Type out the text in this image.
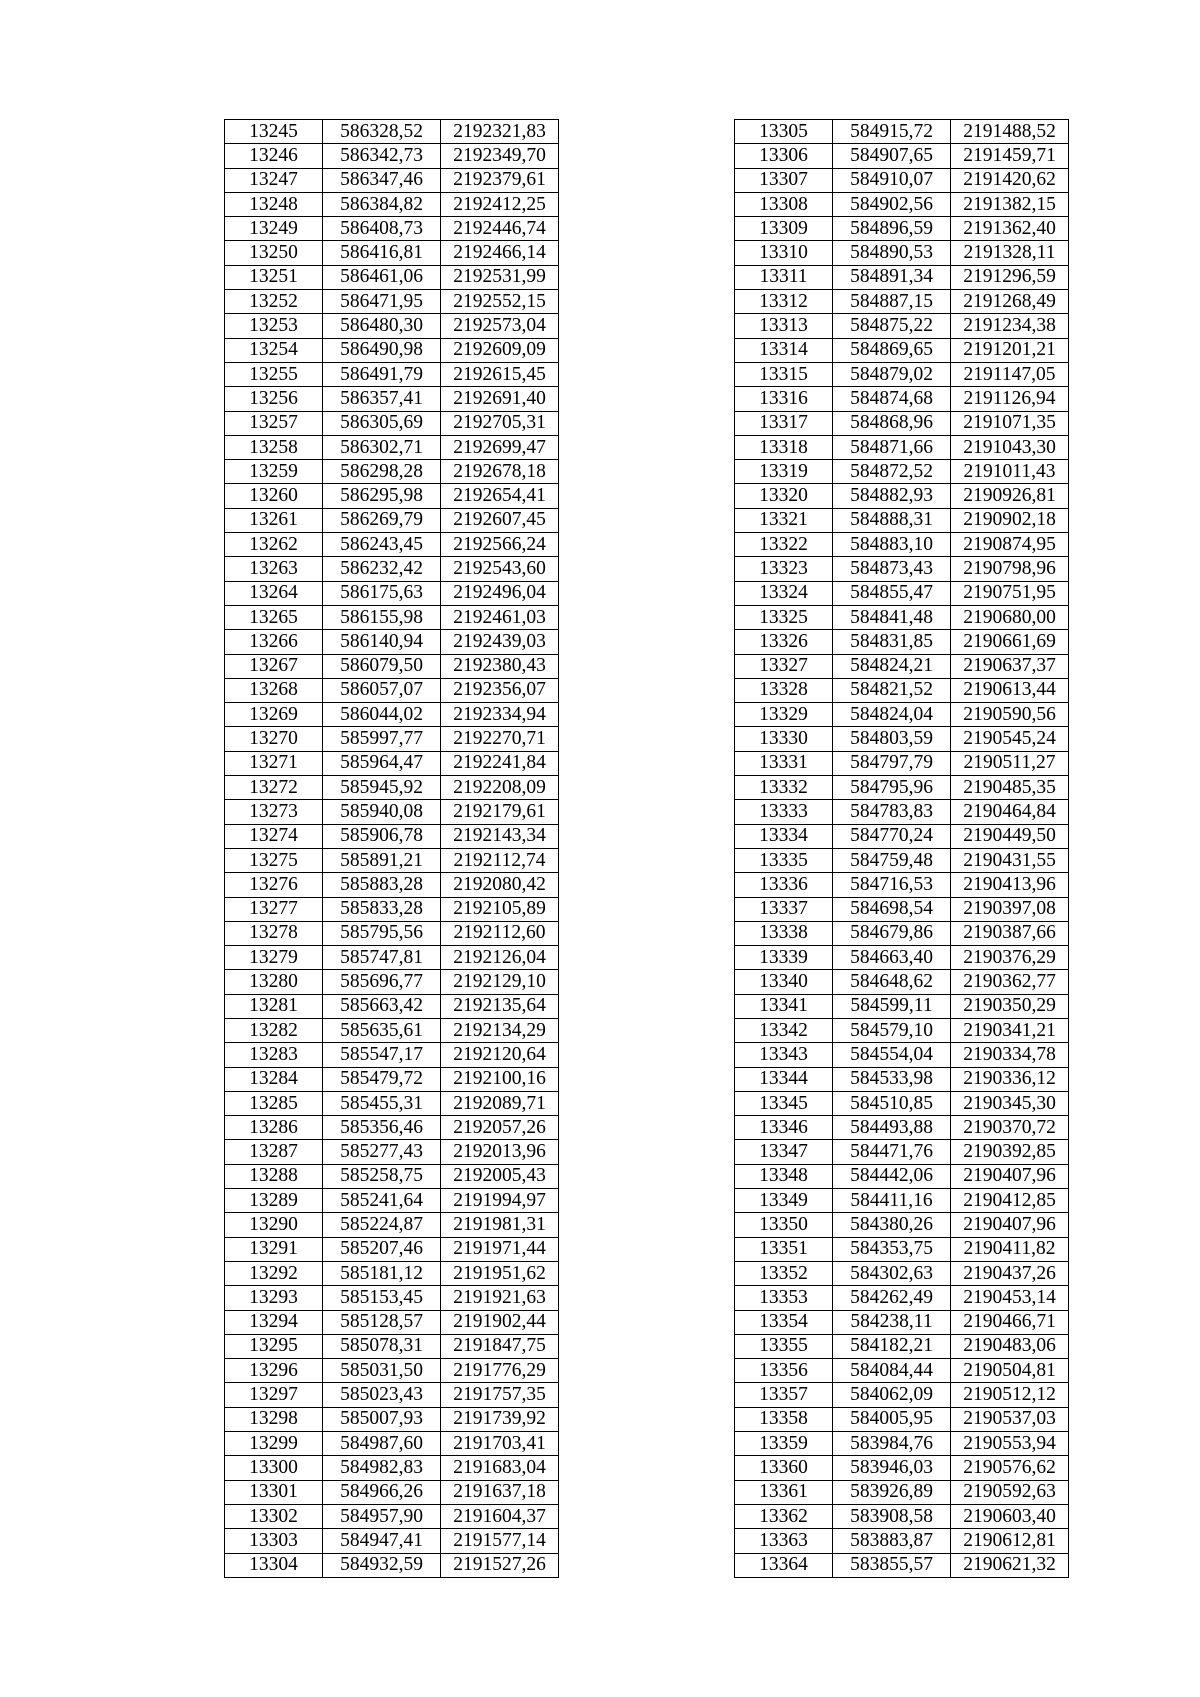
13245	586328,52	2192321,83
13246	586342,73	2192349,70
13247	586347,46	2192379,61
13248	586384,82	2192412,25
13249	586408,73	2192446,74
13250	586416,81	2192466,14
13251	586461,06	2192531,99
13252	586471,95	2192552,15
13253	586480,30	2192573,04
13254	586490,98	2192609,09
13255	586491,79	2192615,45
13256	586357,41	2192691,40
13257	586305,69	2192705,31
13258	586302,71	2192699,47
13259	586298,28	2192678,18
13260	586295,98	2192654,41
13261	586269,79	2192607,45
13262	586243,45	2192566,24
13263	586232,42	2192543,60
13264	586175,63	2192496,04
13265	586155,98	2192461,03
13266	586140,94	2192439,03
13267	586079,50	2192380,43
13268	586057,07	2192356,07
13269	586044,02	2192334,94
13270	585997,77	2192270,71
13271	585964,47	2192241,84
13272	585945,92	2192208,09
13273	585940,08	2192179,61
13274	585906,78	2192143,34
13275	585891,21	2192112,74
13276	585883,28	2192080,42
13277	585833,28	2192105,89
13278	585795,56	2192112,60
13279	585747,81	2192126,04
13280	585696,77	2192129,10
13281	585663,42	2192135,64
13282	585635,61	2192134,29
13283	585547,17	2192120,64
13284	585479,72	2192100,16
13285	585455,31	2192089,71
13286	585356,46	2192057,26
13287	585277,43	2192013,96
13288	585258,75	2192005,43
13289	585241,64	2191994,97
13290	585224,87	2191981,31
13291	585207,46	2191971,44
13292	585181,12	2191951,62
13293	585153,45	2191921,63
13294	585128,57	2191902,44
13295	585078,31	2191847,75
13296	585031,50	2191776,29
13297	585023,43	2191757,35
13298	585007,93	2191739,92
13299	584987,60	2191703,41
13300	584982,83	2191683,04
13301	584966,26	2191637,18
13302	584957,90	2191604,37
13303	584947,41	2191577,14
13304	584932,59	2191527,26
13305	584915,72	2191488,52
13306	584907,65	2191459,71
13307	584910,07	2191420,62
13308	584902,56	2191382,15
13309	584896,59	2191362,40
13310	584890,53	2191328,11
13311	584891,34	2191296,59
13312	584887,15	2191268,49
13313	584875,22	2191234,38
13314	584869,65	2191201,21
13315	584879,02	2191147,05
13316	584874,68	2191126,94
13317	584868,96	2191071,35
13318	584871,66	2191043,30
13319	584872,52	2191011,43
13320	584882,93	2190926,81
13321	584888,31	2190902,18
13322	584883,10	2190874,95
13323	584873,43	2190798,96
13324	584855,47	2190751,95
13325	584841,48	2190680,00
13326	584831,85	2190661,69
13327	584824,21	2190637,37
13328	584821,52	2190613,44
13329	584824,04	2190590,56
13330	584803,59	2190545,24
13331	584797,79	2190511,27
13332	584795,96	2190485,35
13333	584783,83	2190464,84
13334	584770,24	2190449,50
13335	584759,48	2190431,55
13336	584716,53	2190413,96
13337	584698,54	2190397,08
13338	584679,86	2190387,66
13339	584663,40	2190376,29
13340	584648,62	2190362,77
13341	584599,11	2190350,29
13342	584579,10	2190341,21
13343	584554,04	2190334,78
13344	584533,98	2190336,12
13345	584510,85	2190345,30
13346	584493,88	2190370,72
13347	584471,76	2190392,85
13348	584442,06	2190407,96
13349	584411,16	2190412,85
13350	584380,26	2190407,96
13351	584353,75	2190411,82
13352	584302,63	2190437,26
13353	584262,49	2190453,14
13354	584238,11	2190466,71
13355	584182,21	2190483,06
13356	584084,44	2190504,81
13357	584062,09	2190512,12
13358	584005,95	2190537,03
13359	583984,76	2190553,94
13360	583946,03	2190576,62
13361	583926,89	2190592,63
13362	583908,58	2190603,40
13363	583883,87	2190612,81
13364	583855,57	2190621,32
